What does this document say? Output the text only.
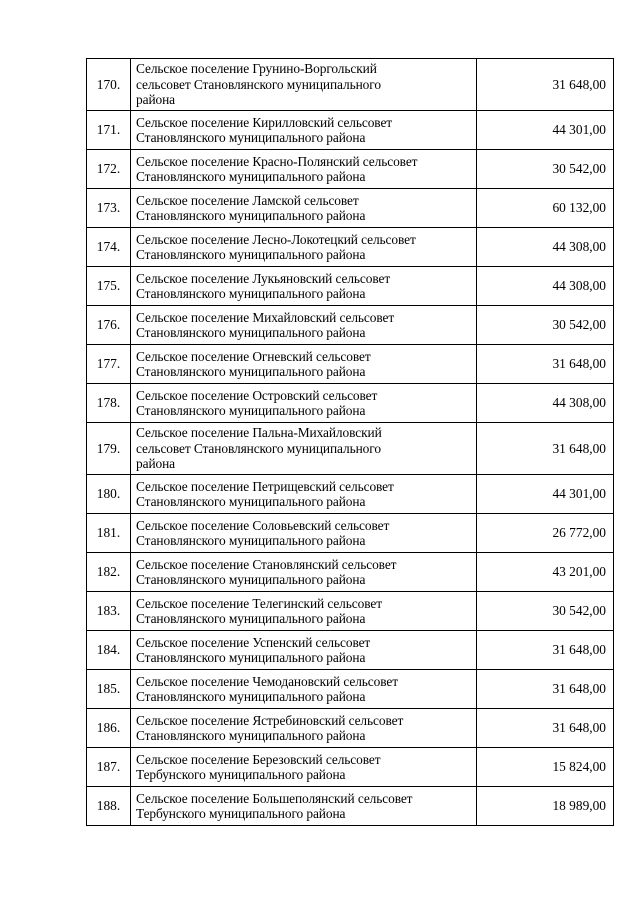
170.	Сельское поселение Грунино-Воргольский
сельсовет Становлянского муниципального
района	31 648,00
171.	Сельское поселение Кирилловский сельсовет
Становлянского муниципального района	44 301,00
172.	Сельское поселение Красно-Полянский сельсовет
Становлянского муниципального района	30 542,00
173.	Сельское поселение Ламской сельсовет
Становлянского муниципального района	60 132,00
174.	Сельское поселение Лесно-Локотецкий сельсовет
Становлянского муниципального района	44 308,00
175.	Сельское поселение Лукьяновский сельсовет
Становлянского муниципального района	44 308,00
176.	Сельское поселение Михайловский сельсовет
Становлянского муниципального района	30 542,00
177.	Сельское поселение Огневский сельсовет
Становлянского муниципального района	31 648,00
178.	Сельское поселение Островский сельсовет
Становлянского муниципального района	44 308,00
179.	Сельское поселение Пальна-Михайловский
сельсовет Становлянского муниципального
района	31 648,00
180.	Сельское поселение Петрищевский сельсовет
Становлянского муниципального района	44 301,00
181.	Сельское поселение Соловьевский сельсовет
Становлянского муниципального района	26 772,00
182.	Сельское поселение Становлянский сельсовет
Становлянского муниципального района	43 201,00
183.	Сельское поселение Телегинский сельсовет
Становлянского муниципального района	30 542,00
184.	Сельское поселение Успенский сельсовет
Становлянского муниципального района	31 648,00
185.	Сельское поселение Чемодановский сельсовет
Становлянского муниципального района	31 648,00
186.	Сельское поселение Ястребиновский сельсовет
Становлянского муниципального района	31 648,00
187.	Сельское поселение Березовский сельсовет
Тербунского муниципального района	15 824,00
188.	Сельское поселение Большеполянский сельсовет
Тербунского муниципального района	18 989,00
